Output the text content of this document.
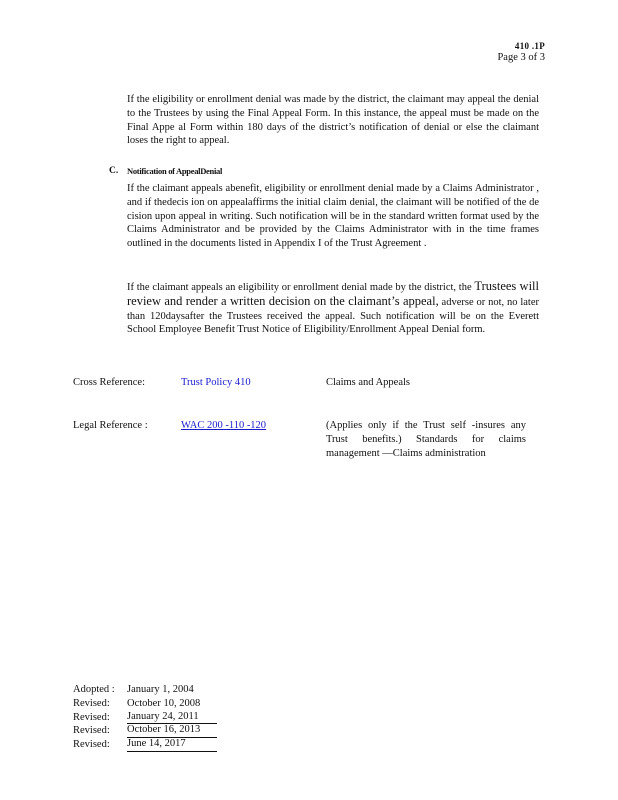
410 .1P
Page 3 of 3
If the eligibility or enrollment denial was made by the district, the claimant may appeal the denial to the Trustees by using the Final Appeal Form. In this instance, the appeal must be made on the Final Appe al Form within 180 days of the district’s notification of denial or else the claimant loses the right to appeal.
C. Notification of AppealDenial
If the claimant appeals abenefit, eligibility or enrollment denial made by a Claims Administrator , and if thedecis ion on appealaffirms the initial claim denial, the claimant will be notified of the de cision upon appeal in writing. Such notification will be in the standard written format used by the Claims Administrator and be provided by the Claims Administrator with in the time frames outlined in the documents listed in Appendix I of the Trust Agreement .
If the claimant appeals an eligibility or enrollment denial made by the district, the Trustees will review and render a written decision on the claimant’s appeal, adverse or not, no later than 120daysafter the Trustees received the appeal. Such notification will be on the Everett School Employee Benefit Trust Notice of Eligibility/Enrollment Appeal Denial form.
Cross Reference:	Trust Policy 410	Claims and Appeals
Legal Reference :	WAC 200 -110 -120	(Applies only if the Trust self -insures any Trust benefits.) Standards for claims management —Claims administration
Adopted :	January 1, 2004
Revised:	October 10, 2008
Revised:	January 24, 2011
Revised:	October 16, 2013
Revised:	June 14, 2017
